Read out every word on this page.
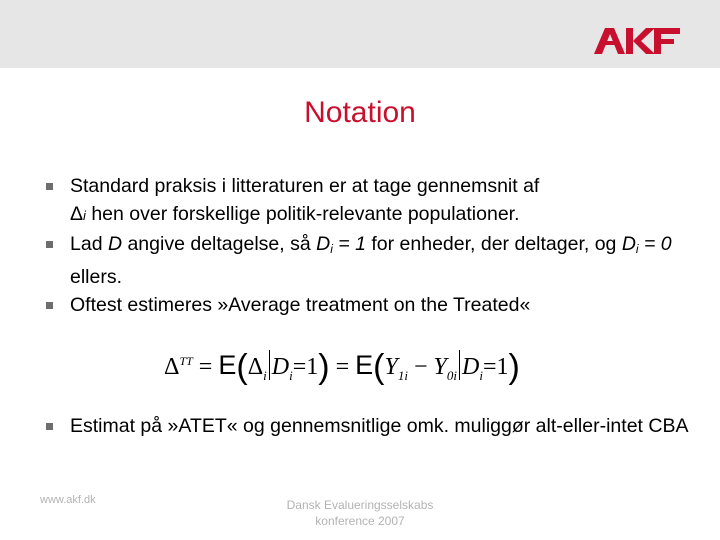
Notation
Standard praksis i litteraturen er at tage gennemsnit af
Δi hen over forskellige politik-relevante populationer.
Lad D angive deltagelse, så Di = 1 for enheder, der deltager, og Di = 0 ellers.
Oftest estimeres »Average treatment on the Treated«
$\Delta^{TT} = E(\Delta_i$ $D_i=1) = E(Y_{1i} - Y_{0i}$ $D_i=1$)
Estimat på »ATET« og gennemsnitlige omk. muliggør alt-eller-intet CBA
www.akf.dk	Dansk Evalueringsselskabs konference 2007
